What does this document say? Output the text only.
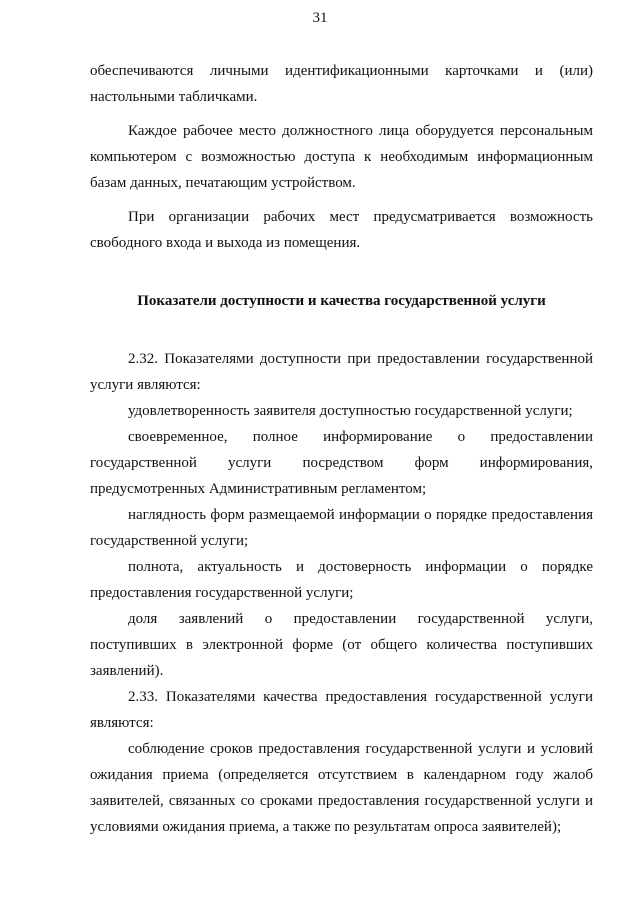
31

обеспечиваются личными идентификационными карточками и (или) настольными табличками.

Каждое рабочее место должностного лица оборудуется персональным компьютером с возможностью доступа к необходимым информационным базам данных, печатающим устройством.

При организации рабочих мест предусматривается возможность свободного входа и выхода из помещения.

Показатели доступности и качества государственной услуги

2.32. Показателями доступности при предоставлении государственной услуги являются:

удовлетворенность заявителя доступностью государственной услуги;

своевременное, полное информирование о предоставлении государственной услуги посредством форм информирования, предусмотренных Административным регламентом;

наглядность форм размещаемой информации о порядке предоставления государственной услуги;

полнота, актуальность и достоверность информации о порядке предоставления государственной услуги;

доля заявлений о предоставлении государственной услуги, поступивших в электронной форме (от общего количества поступивших заявлений).

2.33. Показателями качества предоставления государственной услуги являются:

соблюдение сроков предоставления государственной услуги и условий ожидания приема (определяется отсутствием в календарном году жалоб заявителей, связанных со сроками предоставления государственной услуги и условиями ожидания приема, а также по результатам опроса заявителей);
